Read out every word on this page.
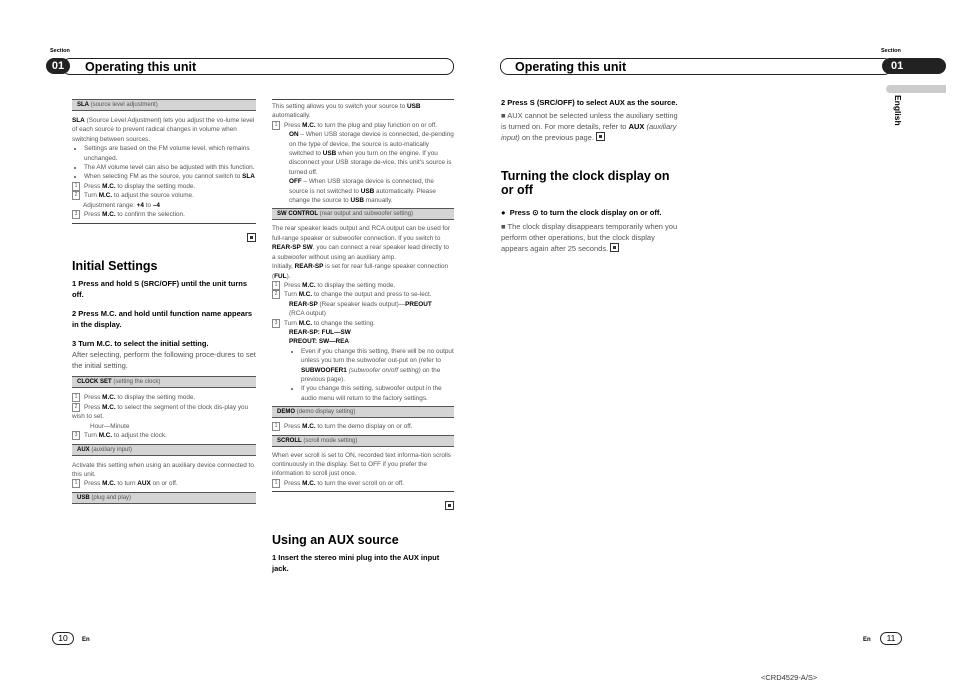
Section
Operating this unit
01
SLA (source level adjustment)
SLA (Source Level Adjustment) lets you adjust the vo-lume level of each source to prevent radical changes in volume when switching between sources.
• Settings are based on the FM volume level, which remains unchanged.
• The AM volume level can also be adjusted with this function.
• When selecting FM as the source, you cannot switch to SLA
1 Press M.C. to display the setting mode.
2 Turn M.C. to adjust the source volume.
Adjustment range: +4 to –4
3 Press M.C. to confirm the selection.
Initial Settings
1 Press and hold S (SRC/OFF) until the unit turns off.
2 Press M.C. and hold until function name appears in the display.
3 Turn M.C. to select the initial setting.
After selecting, perform the following proce-dures to set the initial setting.
CLOCK SET (setting the clock)
1 Press M.C. to display the setting mode.
2 Press M.C. to select the segment of the clock dis-play you wish to set.
Hour—Minute
3 Turn M.C. to adjust the clock.
AUX (auxiliary input)
Activate this setting when using an auxiliary device connected to this unit.
1 Press M.C. to turn AUX on or off.
USB (plug and play)
This setting allows you to switch your source to USB automatically.
1 Press M.C. to turn the plug and play function on or off.
ON – When USB storage device is connected, de-pending on the type of device, the source is auto-matically switched to USB when you turn on the engine. If you disconnect your USB storage de-vice, this unit's source is turned off.
OFF – When USB storage device is connected, the source is not switched to USB automatically. Please change the source to USB manually.
SW CONTROL (rear output and subwoofer setting)
The rear speaker leads output and RCA output can be used for full-range speaker or subwoofer connection. If you switch to REAR-SP SW, you can connect a rear speaker lead directly to a subwoofer without using an auxiliary amp.
Initially, REAR-SP is set for rear full-range speaker connection (FUL).
1 Press M.C. to display the setting mode.
2 Turn M.C. to change the output and press to se-lect.
REAR-SP (Rear speaker leads output)—PREOUT
(RCA output)
3 Turn M.C. to change the setting.
REAR-SP: FUL—SW
PREOUT: SW—REA
• Even if you change this setting, there will be no output unless you turn the subwoofer out-put on (refer to SUBWOOFER1 (subwoofer on/off setting) on the previous page).
• If you change this setting, subwoofer output in the audio menu will return to the factory settings.
DEMO (demo display setting)
1 Press M.C. to turn the demo display on or off.
SCROLL (scroll mode setting)
When ever scroll is set to ON, recorded text informa-tion scrolls continuously in the display. Set to OFF if you prefer the information to scroll just once.
1 Press M.C. to turn the ever scroll on or off.
Using an AUX source
1 Insert the stereo mini plug into the AUX input jack.
Section
Operating this unit	01
English
2 Press S (SRC/OFF) to select AUX as the source.
■ AUX cannot be selected unless the auxiliary setting is turned on. For more details, refer to AUX (auxiliary input) on the previous page.
Turning the clock display on or off
●  Press ⊙ to turn the clock display on or off.
■ The clock display disappears temporarily when you perform other operations, but the clock display appears again after 25 seconds.
10	En	En	11
<CRD4529-A/S>
